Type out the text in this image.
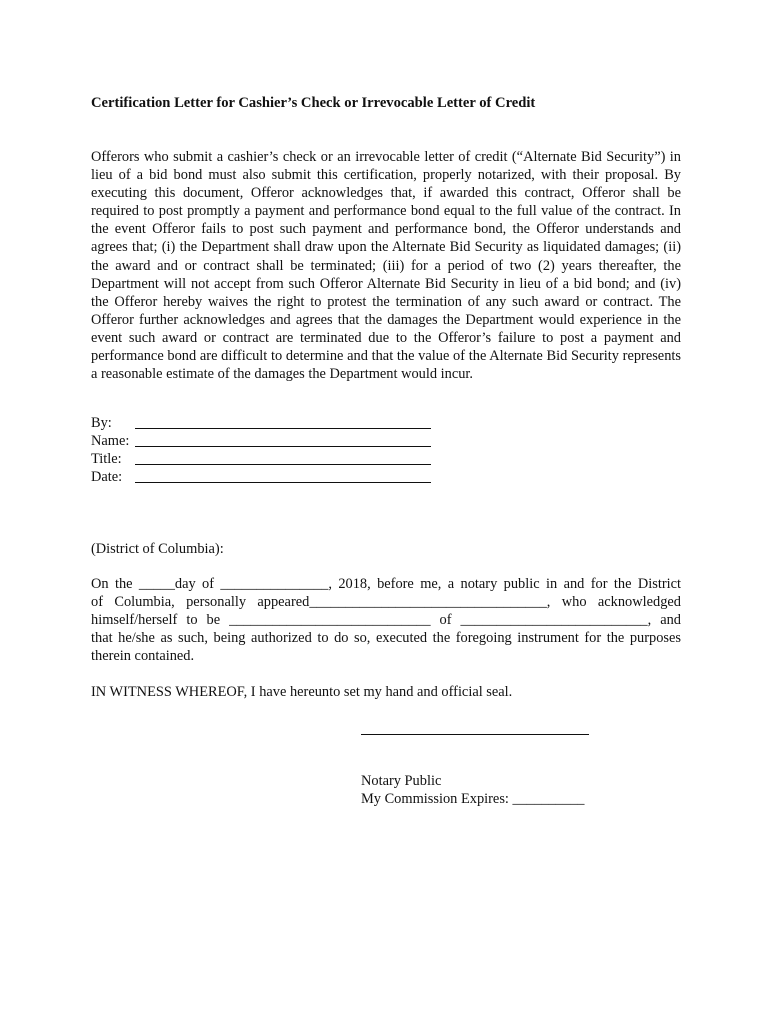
Certification Letter for Cashier’s Check or Irrevocable Letter of Credit

Offerors who submit a cashier’s check or an irrevocable letter of credit (“Alternate Bid Security”) in lieu of a bid bond must also submit this certification, properly notarized, with their proposal. By executing this document, Offeror acknowledges that, if awarded this contract, Offeror shall be required to post promptly a payment and performance bond equal to the full value of the contract. In the event Offeror fails to post such payment and performance bond, the Offeror understands and agrees that; (i) the Department shall draw upon the Alternate Bid Security as liquidated damages; (ii) the award and or contract shall be terminated; (iii) for a period of two (2) years thereafter, the Department will not accept from such Offeror Alternate Bid Security in lieu of a bid bond; and (iv) the Offeror hereby waives the right to protest the termination of any such award or contract. The Offeror further acknowledges and agrees that the damages the Department would experience in the event such award or contract are terminated due to the Offeror’s failure to post a payment and performance bond are difficult to determine and that the value of the Alternate Bid Security represents a reasonable estimate of the damages the Department would incur.

By:
Name:
Title:
Date:
(District of Columbia):
On the _____day of _______________, 2018, before me, a notary public in and for the District
of Columbia, personally appeared_________________________________, who acknowledged
himself/herself to be ____________________________ of __________________________, and
that he/she as such, being authorized to do so, executed the foregoing instrument for the purposes
therein contained.
IN WITNESS WHEREOF, I have hereunto set my hand and official seal.
Notary Public
My Commission Expires: __________
